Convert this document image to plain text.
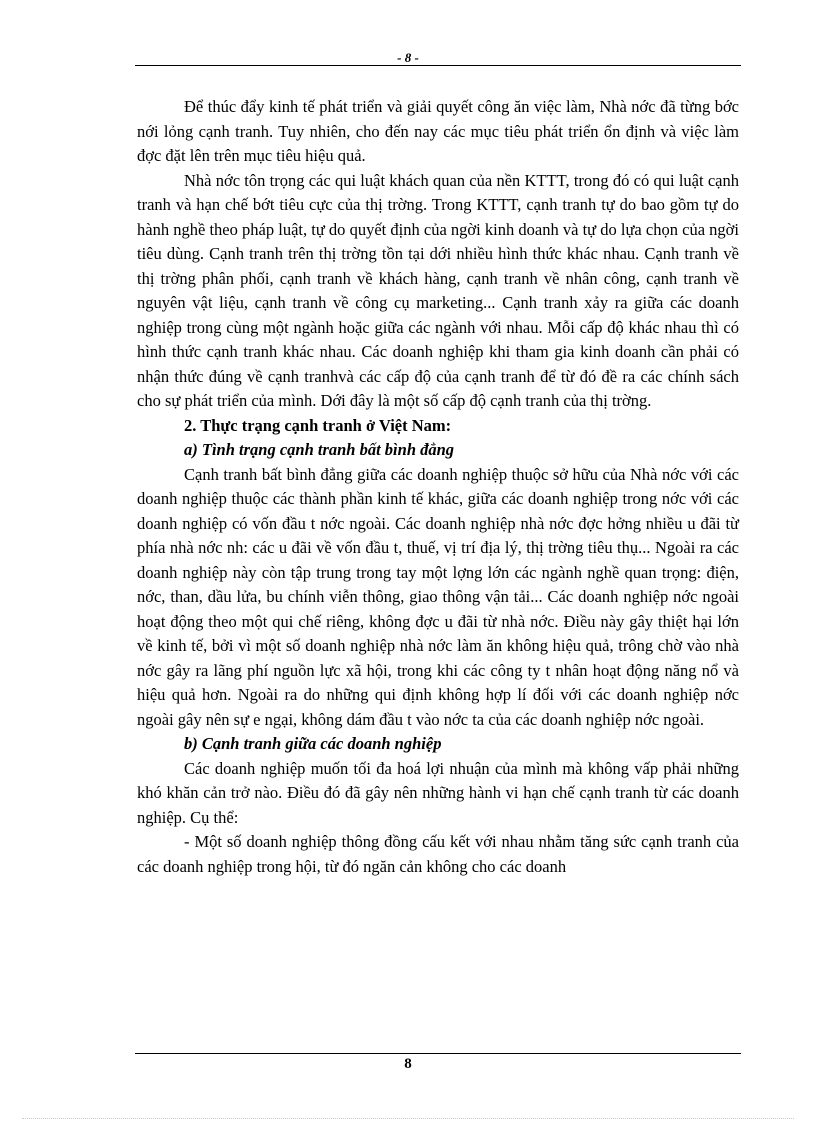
- 8 -

Để thúc đẩy kinh tế phát triển và giải quyết công ăn việc làm, Nhà nớc đã từng bớc nới lỏng cạnh tranh. Tuy nhiên, cho đến nay các mục tiêu phát triển ổn định và việc làm đợc đặt lên trên mục tiêu hiệu quả.

Nhà nớc tôn trọng các qui luật khách quan của nền KTTT, trong đó có qui luật cạnh tranh và hạn chế bớt tiêu cực của thị trờng. Trong KTTT, cạnh tranh tự do bao gồm tự do hành nghề theo pháp luật, tự do quyết định của ngời kinh doanh và tự do lựa chọn của ngời tiêu dùng. Cạnh tranh trên thị trờng tồn tại dới nhiều hình thức khác nhau. Cạnh tranh về thị trờng phân phối, cạnh tranh về khách hàng, cạnh tranh về nhân công, cạnh tranh về nguyên vật liệu, cạnh tranh về công cụ marketing... Cạnh tranh xảy ra giữa các doanh nghiệp trong cùng một ngành hoặc giữa các ngành với nhau. Mỗi cấp độ khác nhau thì có hình thức cạnh tranh khác nhau. Các doanh nghiệp khi tham gia kinh doanh cần phải có nhận thức đúng về cạnh tranhvà các cấp độ của cạnh tranh để từ đó đề ra các chính sách cho sự phát triển của mình. Dới đây là một số cấp độ cạnh tranh của thị trờng.

2. Thực trạng cạnh tranh ở Việt Nam:

a) Tình trạng cạnh tranh bất bình đẳng

Cạnh tranh bất bình đẳng giữa các doanh nghiệp thuộc sở hữu của Nhà nớc với các doanh nghiệp thuộc các thành phần kinh tế khác, giữa các doanh nghiệp trong nớc với các doanh nghiệp có vốn đầu t nớc ngoài. Các doanh nghiệp nhà nớc đợc hởng nhiều u đãi từ phía nhà nớc nh: các u đãi về vốn đầu t, thuế, vị trí địa lý, thị trờng tiêu thụ... Ngoài ra các doanh nghiệp này còn tập trung trong tay một lợng lớn các ngành nghề quan trọng: điện, nớc, than, dầu lửa, bu chính viễn thông, giao thông vận tải... Các doanh nghiệp nớc ngoài hoạt động theo một qui chế riêng, không đợc u đãi từ nhà nớc. Điều này gây thiệt hại lớn về kinh tế, bởi vì một số doanh nghiệp nhà nớc làm ăn không hiệu quả, trông chờ vào nhà nớc gây ra lãng phí nguồn lực xã hội, trong khi các công ty t nhân hoạt động năng nổ và hiệu quả hơn. Ngoài ra do những qui định không hợp lí đối với các doanh nghiệp nớc ngoài gây nên sự e ngại, không dám đầu t vào nớc ta của các doanh nghiệp nớc ngoài.

b) Cạnh tranh giữa các doanh nghiệp

Các doanh nghiệp muốn tối đa hoá lợi nhuận của mình mà không vấp phải những khó khăn cản trở nào. Điều đó đã gây nên những hành vi hạn chế cạnh tranh từ các doanh nghiệp. Cụ thể:

- Một số doanh nghiệp thông đồng cấu kết với nhau nhằm tăng sức cạnh tranh của các doanh nghiệp trong hội, từ đó ngăn cản không cho các doanh

8
